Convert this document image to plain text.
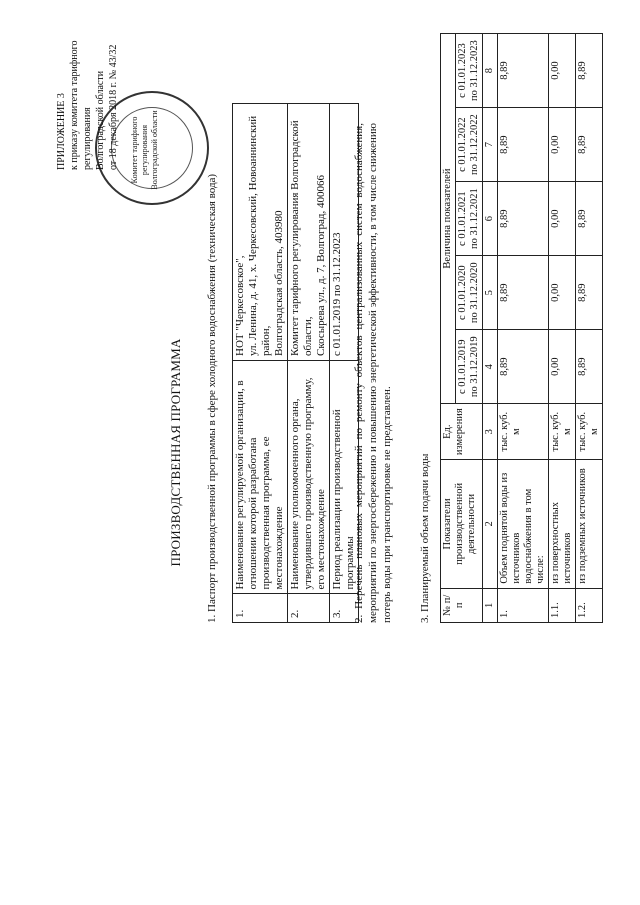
Комитет тарифного регулирования Волгоградской области
ПРИЛОЖЕНИЕ 3 к приказу комитета тарифного регулирования Волгоградской области от 18 декабря 2018 г. № 43/32
ПРОИЗВОДСТВЕННАЯ ПРОГРАММА 1. Паспорт производственной программы в сфере холодного водоснабжения (техническая вода) 1.	Наименование регулируемой организации, в отношении которой разработана производственная программа, ее местонахождение	НОТ "Черкесовское", ул. Ленина, д. 41, х. Черкесовский, Новоаннинский район, Волгоградская область, 403980

2.	Наименование уполномоченного органа, утвердившего производственную программу, его местонахождение	Комитет тарифного регулирования Волгоградской области, Скосырева ул., д. 7, Волгоград, 400066

3.	Период реализации производственной программы	с 01.01.2019 по 31.12.2023 2. Перечень плановых мероприятий по ремонту объектов централизованных систем водоснабжения, мероприятий по энергосбережению и повышению энергетической эффективности, в том числе снижению потерь воды при транспортировке не представлен. 3. Планируемый объем подачи воды № п/п	Показатели производственной деятельности	Ед. измерения	Величина показателей				
			с 01.01.2019 по 31.12.2019	с 01.01.2020 по 31.12.2020	с 01.01.2021 по 31.12.2021	с 01.01.2022 по 31.12.2022	с 01.01.2023 по 31.12.2023
1	2	3	4	5	6	7	8
1.	Объем поднятой воды из источников водоснабжения в том числе:	тыс. куб. м	8,89	8,89	8,89	8,89	8,89
1.1.	из поверхностных источников	тыс. куб. м	0,00	0,00	0,00	0,00	0,00
1.2.	из подземных источников	тыс. куб. м	8,89	8,89	8,89	8,89	8,89
